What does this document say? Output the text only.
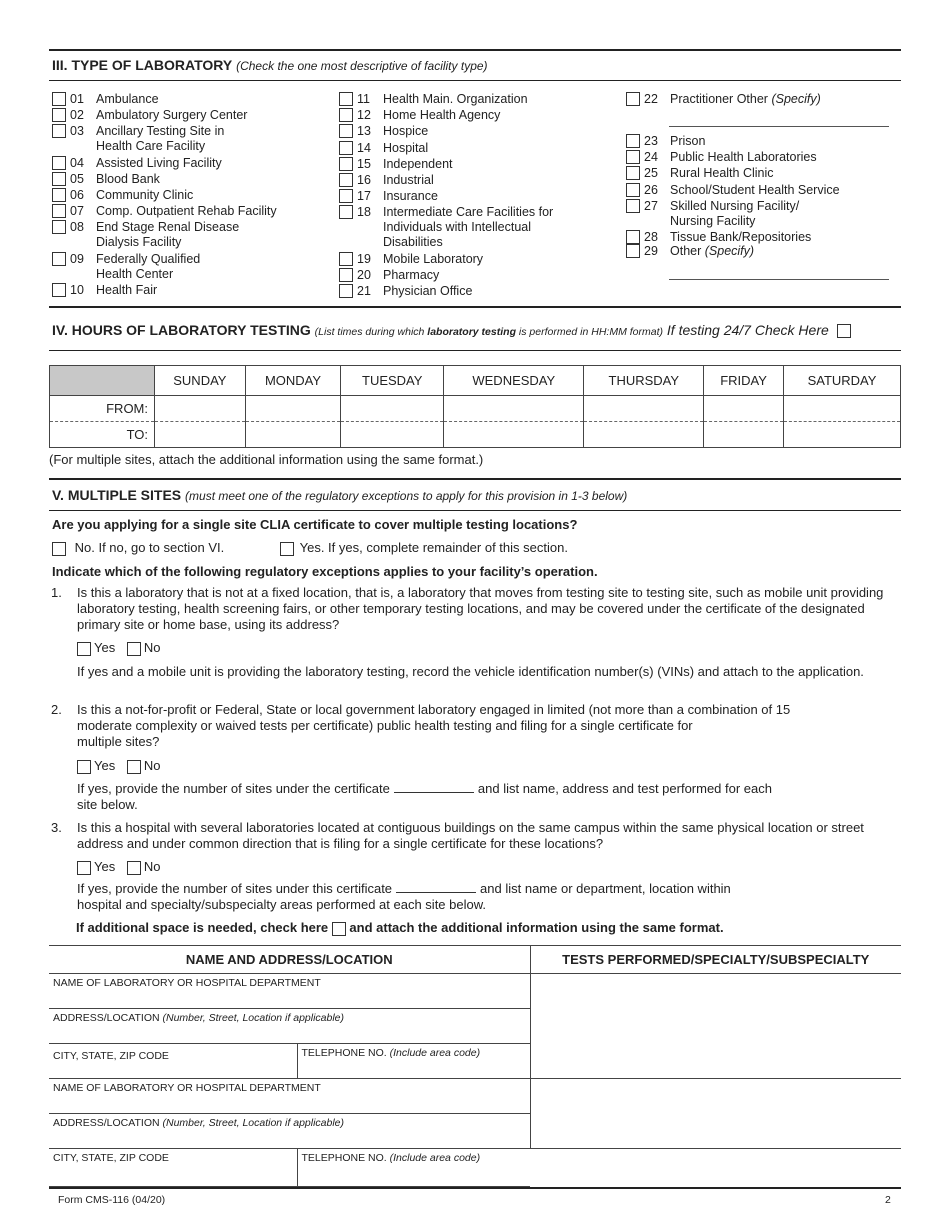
III. TYPE OF LABORATORY (Check the one most descriptive of facility type)
01 Ambulance
02 Ambulatory Surgery Center
03 Ancillary Testing Site in
Health Care Facility
04 Assisted Living Facility
05 Blood Bank
06 Community Clinic
07 Comp. Outpatient Rehab Facility
08 End Stage Renal Disease
Dialysis Facility
09 Federally Qualified
Health Center
10 Health Fair
11 Health Main. Organization
12 Home Health Agency
13 Hospice
14 Hospital
15 Independent
16 Industrial
17 Insurance
18 Intermediate Care Facilities for
Individuals with Intellectual
Disabilities
19 Mobile Laboratory
20 Pharmacy
21 Physician Office
22 Practitioner Other (Specify)
23 Prison
24 Public Health Laboratories
25 Rural Health Clinic
26 School/Student Health Service
27 Skilled Nursing Facility/
Nursing Facility
28 Tissue Bank/Repositories
29 Other (Specify)
IV. HOURS OF LABORATORY TESTING (List times during which laboratory testing is performed in HH:MM format) If testing 24/7 Check Here
	SUNDAY	MONDAY	TUESDAY	WEDNESDAY	THURSDAY	FRIDAY	SATURDAY
FROM:							
TO:							
(For multiple sites, attach the additional information using the same format.)
V. MULTIPLE SITES (must meet one of the regulatory exceptions to apply for this provision in 1-3 below)
Are you applying for a single site CLIA certificate to cover multiple testing locations?
No. If no, go to section VI.	Yes. If yes, complete remainder of this section.
Indicate which of the following regulatory exceptions applies to your facility’s operation.
1. Is this a laboratory that is not at a fixed location, that is, a laboratory that moves from testing site to testing site, such as mobile unit providing laboratory testing, health screening fairs, or other temporary testing locations, and may be covered under the certificate of the designated primary site or home base, using its address?
Yes No
If yes and a mobile unit is providing the laboratory testing, record the vehicle identification number(s) (VINs) and attach to the application.
2. Is this a not-for-profit or Federal, State or local government laboratory engaged in limited (not more than a combination of 15
moderate complexity or waived tests per certificate) public health testing and filing for a single certificate for
multiple sites?
Yes No
If yes, provide the number of sites under the certificate	and list name, address and test performed for each
site below.
3. Is this a hospital with several laboratories located at contiguous buildings on the same campus within the same physical location or street address and under common direction that is filing for a single certificate for these locations?
Yes No
If yes, provide the number of sites under this certificate	and list name or department, location within
hospital and specialty/subspecialty areas performed at each site below.
If additional space is needed, check here and attach the additional information using the same format.
NAME AND ADDRESS/LOCATION		TESTS PERFORMED/SPECIALTY/SUBSPECIALTY
NAME OF LABORATORY OR HOSPITAL DEPARTMENT		
ADDRESS/LOCATION (Number, Street, Location if applicable)		

CITY, STATE, ZIP CODE	TELEPHONE NO. (Include area code)	
NAME OF LABORATORY OR HOSPITAL DEPARTMENT		
ADDRESS/LOCATION (Number, Street, Location if applicable)		
CITY, STATE, ZIP CODE	TELEPHONE NO. (Include area code)	
Form CMS-116 (04/20)	2
